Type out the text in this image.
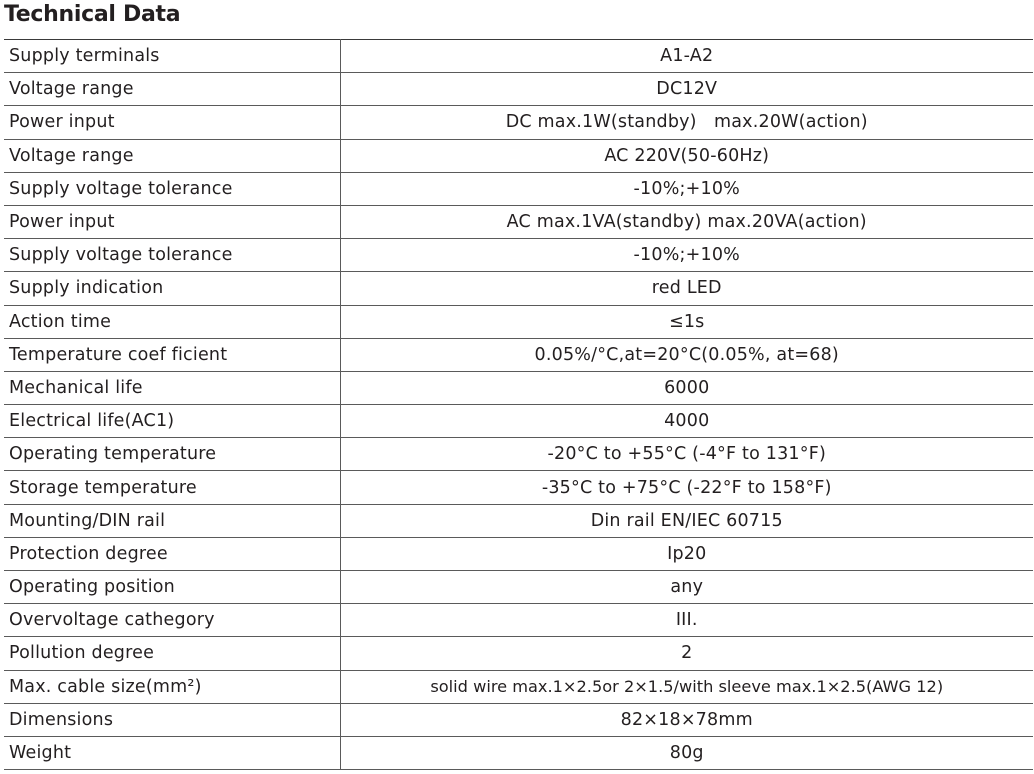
Technical Data
Supply terminals	A1-A2
Voltage range	DC12V
Power input	DC max.1W(standby)   max.20W(action)
Voltage range	AC 220V(50-60Hz)
Supply voltage tolerance	-10%;+10%
Power input	AC max.1VA(standby) max.20VA(action)
Supply voltage tolerance	-10%;+10%
Supply indication	red LED
Action time	≤1s
Temperature coef ficient	0.05%/°C,at=20°C(0.05%, at=68)
Mechanical life	6000
Electrical life(AC1)	4000
Operating temperature	-20°C to +55°C (-4°F to 131°F)
Storage temperature	-35°C to +75°C (-22°F to 158°F)
Mounting/DIN rail	Din rail EN/IEC 60715
Protection degree	Ip20
Operating position	any
Overvoltage cathegory	III.
Pollution degree	2
Max. cable size(mm²)	solid wire max.1×2.5or 2×1.5/with sleeve max.1×2.5(AWG 12)
Dimensions	82×18×78mm
Weight	80g
